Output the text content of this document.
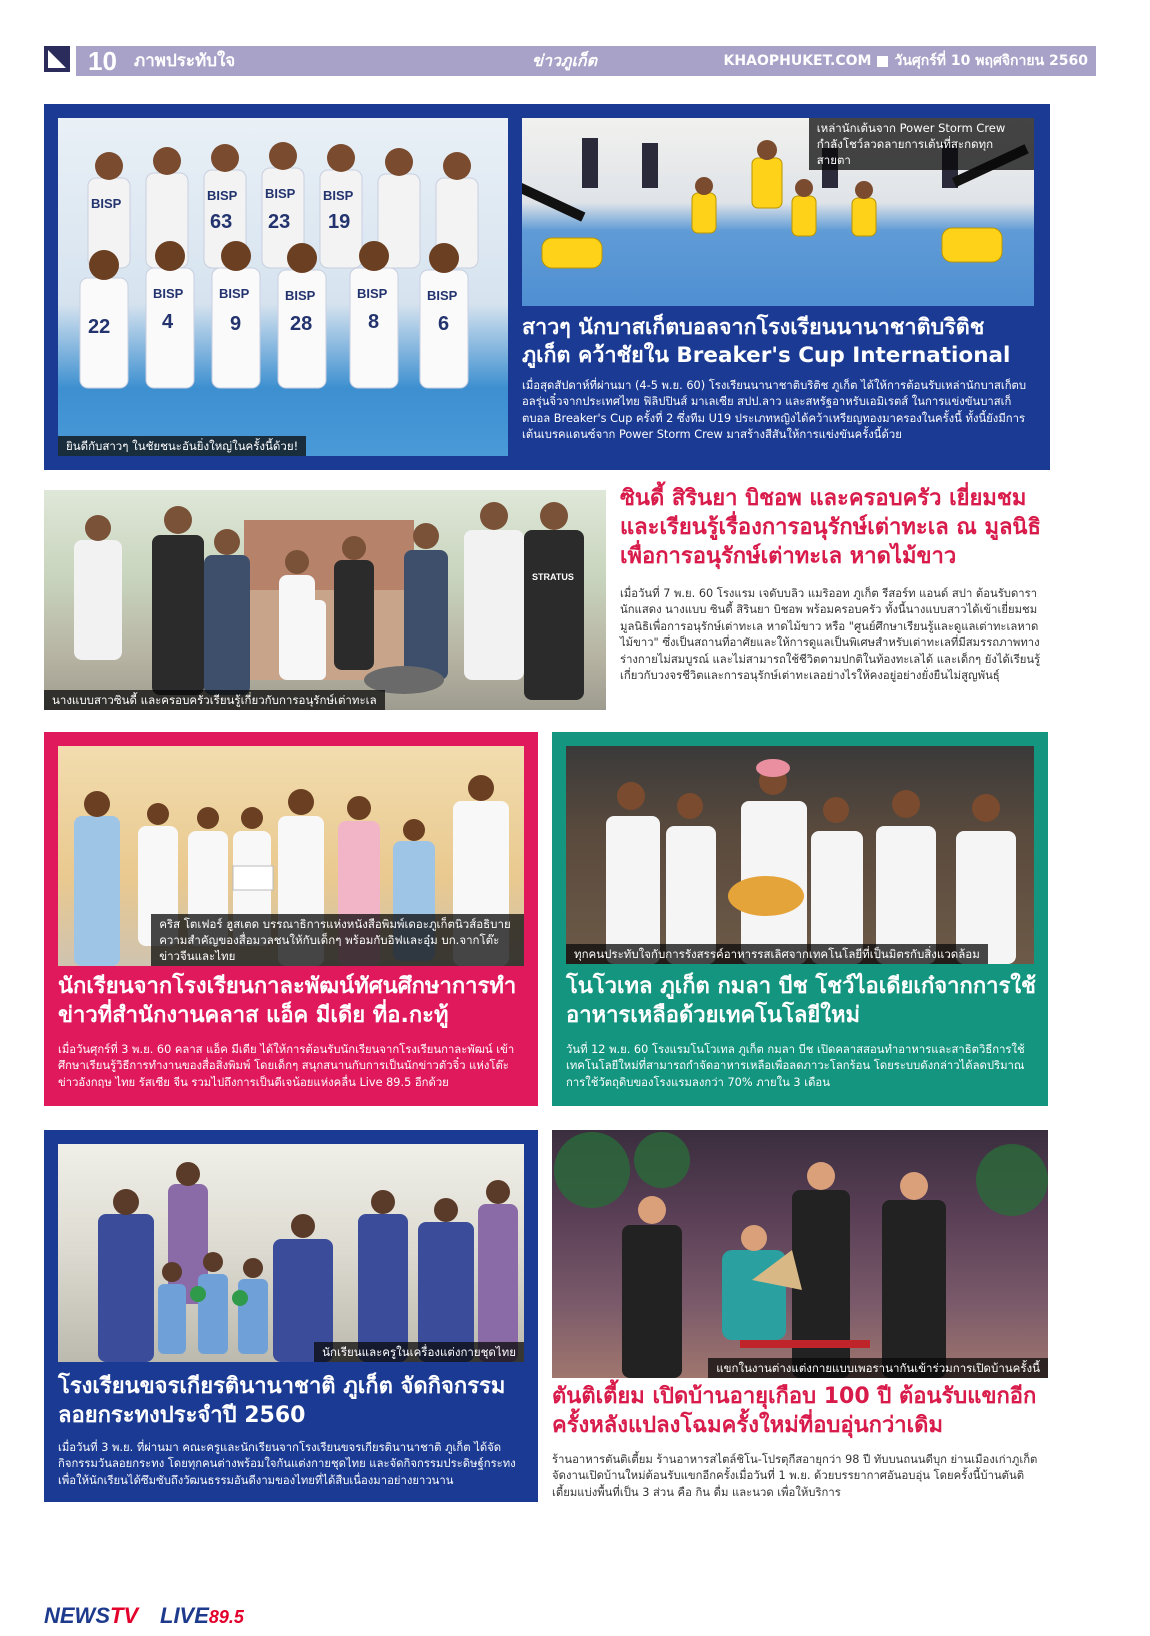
10 ภาพประทับใจ	ข่าวภูเก็ต	KHAOPHUKET.COM วันศุกร์ที่ 10 พฤศจิกายน 2560
BISP
BISP BISP BISP
BISP	BISP	BISP	BISP	BISP
63 23 19
22	4	9 28	8	6
ยินดีกับสาวๆ ในชัยชนะอันยิ่งใหญ่ในครั้งนี้ด้วย!
เหล่านักเต้นจาก Power Storm Crew กำลังโชว์ลวดลายการเต้นที่สะกดทุกสายตา
สาวๆ นักบาสเก็ตบอลจากโรงเรียนนานาชาติบริติช ภูเก็ต คว้าชัยใน Breaker's Cup International
เมื่อสุดสัปดาห์ที่ผ่านมา (4-5 พ.ย. 60) โรงเรียนนานาชาติบริติช ภูเก็ต ได้ให้การต้อนรับเหล่านักบาสเก็ตบอลรุ่นจิ๋วจากประเทศไทย ฟิลิปปินส์ มาเลเซีย สปป.ลาว และสหรัฐอาหรับเอมิเรตส์ ในการแข่งขันบาสเก็ตบอล Breaker's Cup ครั้งที่ 2 ซึ่งทีม U19 ประเภทหญิงได้คว้าเหรียญทองมาครองในครั้งนี้ ทั้งนี้ยังมีการเต้นเบรคแดนซ์จาก Power Storm Crew มาสร้างสีสันให้การแข่งขันครั้งนี้ด้วย
STRATUS
นางแบบสาวซินดี้ และครอบครัวเรียนรู้เกี่ยวกับการอนุรักษ์เต่าทะเล
ซินดี้ สิรินยา บิชอพ และครอบครัว เยี่ยมชมและเรียนรู้เรื่องการอนุรักษ์เต่าทะเล ณ มูลนิธิเพื่อการอนุรักษ์เต่าทะเล หาดไม้ขาว
เมื่อวันที่ 7 พ.ย. 60 โรงแรม เจดับบลิว แมริออท ภูเก็ต รีสอร์ท แอนด์ สปา ต้อนรับดารานักแสดง นางแบบ ซินดี้ สิรินยา บิชอพ พร้อมครอบครัว ทั้งนี้นางแบบสาวได้เข้าเยี่ยมชมมูลนิธิเพื่อการอนุรักษ์เต่าทะเล หาดไม้ขาว หรือ "ศูนย์ศึกษาเรียนรู้และดูแลเต่าทะเลหาดไม้ขาว" ซึ่งเป็นสถานที่อาศัยและให้การดูแลเป็นพิเศษสำหรับเต่าทะเลที่มีสมรรถภาพทางร่างกายไม่สมบูรณ์ และไม่สามารถใช้ชีวิตตามปกติในท้องทะเลได้ และเด็กๆ ยังได้เรียนรู้เกี่ยวกับวงจรชีวิตและการอนุรักษ์เต่าทะเลอย่างไรให้คงอยู่อย่างยั่งยืนไม่สูญพันธุ์
คริส โตเฟอร์ ฮูสเตด บรรณาธิการแห่งหนังสือพิมพ์เดอะภูเก็ตนิวส์อธิบายความสำคัญของสื่อมวลชนให้กับเด็กๆ พร้อมกับอิฟและอุ๋ม บก.จากโต๊ะข่าวจีนและไทย
นักเรียนจากโรงเรียนกาละพัฒน์ทัศนศึกษาการทำข่าวที่สำนักงานคลาส แอ็ค มีเดีย ที่อ.กะทู้
เมื่อวันศุกร์ที่ 3 พ.ย. 60 คลาส แอ็ค มีเดีย ได้ให้การต้อนรับนักเรียนจากโรงเรียนกาละพัฒน์ เข้าศึกษาเรียนรู้วิธีการทำงานของสื่อสิ่งพิมพ์ โดยเด็กๆ สนุกสนานกับการเป็นนักข่าวตัวจิ๋ว แห่งโต๊ะข่าวอังกฤษ ไทย รัสเซีย จีน รวมไปถึงการเป็นดีเจน้อยแห่งคลื่น Live 89.5 อีกด้วย
ทุกคนประทับใจกับการรังสรรค์อาหารรสเลิศจากเทคโนโลยีที่เป็นมิตรกับสิ่งแวดล้อม
โนโวเทล ภูเก็ต กมลา บีช โชว์ไอเดียเก๋จากการใช้อาหารเหลือด้วยเทคโนโลยีใหม่
วันที่ 12 พ.ย. 60 โรงแรมโนโวเทล ภูเก็ต กมลา บีช เปิดคลาสสอนทำอาหารและสาธิตวิธีการใช้เทคโนโลยีใหม่ที่สามารถกำจัดอาหารเหลือเพื่อลดภาวะโลกร้อน โดยระบบดังกล่าวได้ลดปริมาณการใช้วัตถุดิบของโรงแรมลงกว่า 70% ภายใน 3 เดือน
นักเรียนและครูในเครื่องแต่งกายชุดไทย
โรงเรียนขจรเกียรตินานาชาติ ภูเก็ต จัดกิจกรรมลอยกระทงประจำปี 2560
เมื่อวันที่ 3 พ.ย. ที่ผ่านมา คณะครูและนักเรียนจากโรงเรียนขจรเกียรตินานาชาติ ภูเก็ต ได้จัดกิจกรรมวันลอยกระทง โดยทุกคนต่างพร้อมใจกันแต่งกายชุดไทย และจัดกิจกรรมประดิษฐ์กระทงเพื่อให้นักเรียนได้ซึมซับถึงวัฒนธรรมอันดีงามของไทยที่ได้สืบเนื่องมาอย่างยาวนาน
แขกในงานต่างแต่งกายแบบเพอรานากันเข้าร่วมการเปิดบ้านครั้งนี้
ตันติเตี้ยม เปิดบ้านอายุเกือบ 100 ปี ต้อนรับแขกอีกครั้งหลังแปลงโฉมครั้งใหม่ที่อบอุ่นกว่าเดิม
ร้านอาหารตันติเตี้ยม ร้านอาหารสไตล์ชิโน-โปรตุกีสอายุกว่า 98 ปี ทับบนถนนดีบุก ย่านเมืองเก่าภูเก็ต จัดงานเปิดบ้านใหม่ต้อนรับแขกอีกครั้งเมื่อวันที่ 1 พ.ย. ด้วยบรรยากาศอันอบอุ่น โดยครั้งนี้บ้านตันติเตี้ยมแบ่งพื้นที่เป็น 3 ส่วน คือ กิน ดื่ม และนวด เพื่อให้บริการ
NEWSTV LIVE89.5
